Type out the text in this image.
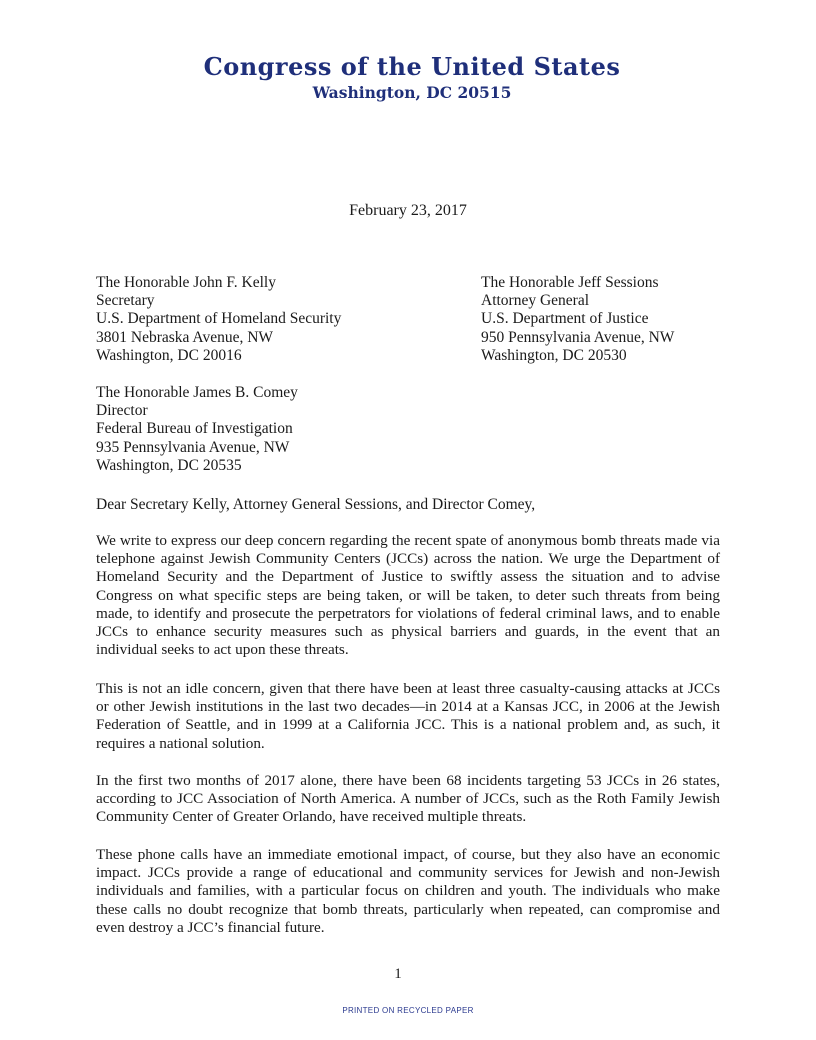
Congress of the United States
Washington, DC 20515
February 23, 2017
The Honorable John F. Kelly
Secretary
U.S. Department of Homeland Security
3801 Nebraska Avenue, NW
Washington, DC 20016
The Honorable Jeff Sessions
Attorney General
U.S. Department of Justice
950 Pennsylvania Avenue, NW
Washington, DC 20530
The Honorable James B. Comey
Director
Federal Bureau of Investigation
935 Pennsylvania Avenue, NW
Washington, DC 20535
Dear Secretary Kelly, Attorney General Sessions, and Director Comey,

We write to express our deep concern regarding the recent spate of anonymous bomb threats made via telephone against Jewish Community Centers (JCCs) across the nation. We urge the Department of Homeland Security and the Department of Justice to swiftly assess the situation and to advise Congress on what specific steps are being taken, or will be taken, to deter such threats from being made, to identify and prosecute the perpetrators for violations of federal criminal laws, and to enable JCCs to enhance security measures such as physical barriers and guards, in the event that an individual seeks to act upon these threats.

This is not an idle concern, given that there have been at least three casualty-causing attacks at JCCs or other Jewish institutions in the last two decades—in 2014 at a Kansas JCC, in 2006 at the Jewish Federation of Seattle, and in 1999 at a California JCC. This is a national problem and, as such, it requires a national solution.

In the first two months of 2017 alone, there have been 68 incidents targeting 53 JCCs in 26 states, according to JCC Association of North America. A number of JCCs, such as the Roth Family Jewish Community Center of Greater Orlando, have received multiple threats.

These phone calls have an immediate emotional impact, of course, but they also have an economic impact. JCCs provide a range of educational and community services for Jewish and non-Jewish individuals and families, with a particular focus on children and youth. The individuals who make these calls no doubt recognize that bomb threats, particularly when repeated, can compromise and even destroy a JCC’s financial future.

1
PRINTED ON RECYCLED PAPER
